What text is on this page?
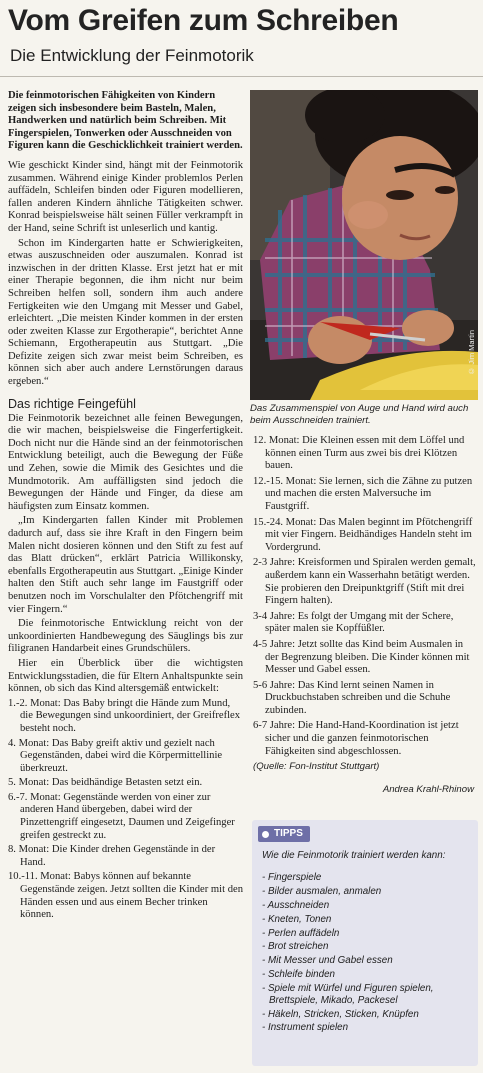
Vom Greifen zum Schreiben
Die Entwicklung der Feinmotorik

Die feinmotorischen Fähigkeiten von Kindern zeigen sich insbesondere beim Basteln, Malen, Handwerken und natürlich beim Schreiben. Mit Fingerspielen, Tonwerken oder Ausschneiden von Figuren kann die Geschicklichkeit trainiert werden.

Wie geschickt Kinder sind, hängt mit der Feinmotorik zusammen. Während einige Kinder problemlos Perlen auffädeln, Schleifen binden oder Figuren modellieren, fallen anderen Kindern ähnliche Tätigkeiten schwer. Konrad beispielsweise hält seinen Füller verkrampft in der Hand, seine Schrift ist unleserlich und kantig.

Schon im Kindergarten hatte er Schwierigkeiten, etwas auszuschneiden oder auszumalen. Konrad ist inzwischen in der dritten Klasse. Erst jetzt hat er mit einer Therapie begonnen, die ihm nicht nur beim Schreiben helfen soll, sondern ihm auch andere Fertigkeiten wie den Umgang mit Messer und Gabel, erleichtert. „Die meisten Kinder kommen in der ersten oder zweiten Klasse zur Ergotherapie“, berichtet Anne Schiemann, Ergotherapeutin aus Stuttgart. „Die Defizite zeigen sich zwar meist beim Schreiben, es können sich aber auch andere Lernstörungen daraus ergeben.“

Das richtige Feingefühl

Die Feinmotorik bezeichnet alle feinen Bewegungen, die wir machen, beispielsweise die Fingerfertigkeit. Doch nicht nur die Hände sind an der feinmotorischen Entwicklung beteiligt, auch die Bewegung der Füße und Zehen, sowie die Mimik des Gesichtes und die Mundmotorik. Am auffälligsten sind jedoch die Bewegungen der Hände und Finger, da diese am häufigsten zum Einsatz kommen.

„Im Kindergarten fallen Kinder mit Problemen dadurch auf, dass sie ihre Kraft in den Fingern beim Malen nicht dosieren können und den Stift zu fest auf das Blatt drücken“, erklärt Patricia Willikonsky, ebenfalls Ergotherapeutin aus Stuttgart. „Einige Kinder halten den Stift auch sehr lange im Faustgriff oder benutzen noch im Vorschulalter den Pfötchengriff mit vier Fingern.“

Die feinmotorische Entwicklung reicht von der unkoordinierten Handbewegung des Säuglings bis zur filigranen Handarbeit eines Grundschülers.

Hier ein Überblick über die wichtigsten Entwicklungsstadien, die für Eltern Anhaltspunkte sein können, ob sich das Kind altersgemäß entwickelt:

1.-2. Monat: Das Baby bringt die Hände zum Mund, die Bewegungen sind unkoordiniert, der Greifreflex besteht noch.
4. Monat: Das Baby greift aktiv und gezielt nach Gegenständen, dabei wird die Körpermittellinie überkreuzt.
5. Monat: Das beidhändige Betasten setzt ein.
6.-7. Monat: Gegenstände werden von einer zur anderen Hand übergeben, dabei wird der Pinzettengriff eingesetzt, Daumen und Zeigefinger greifen gestreckt zu.
8. Monat: Die Kinder drehen Gegenstände in der Hand.
10.-11. Monat: Babys können auf bekannte Gegenstände zeigen. Jetzt sollten die Kinder mit den Händen essen und aus einem Becher trinken können.
© Jim Martin
Das Zusammenspiel von Auge und Hand wird auch beim Ausschneiden trainiert.
12. Monat: Die Kleinen essen mit dem Löffel und können einen Turm aus zwei bis drei Klötzen bauen.
12.-15. Monat: Sie lernen, sich die Zähne zu putzen und machen die ersten Malversuche im Faustgriff.
15.-24. Monat: Das Malen beginnt im Pfötchengriff mit vier Fingern. Beidhändiges Handeln steht im Vordergrund.
2-3 Jahre: Kreisformen und Spiralen werden gemalt, außerdem kann ein Wasserhahn betätigt werden. Sie probieren den Dreipunktgriff (Stift mit drei Fingern halten).
3-4 Jahre: Es folgt der Umgang mit der Schere, später malen sie Kopffüßler.
4-5 Jahre: Jetzt sollte das Kind beim Ausmalen in der Begrenzung bleiben. Die Kinder können mit Messer und Gabel essen.
5-6 Jahre: Das Kind lernt seinen Namen in Druckbuchstaben schreiben und die Schuhe zubinden.
6-7 Jahre: Die Hand-Hand-Koordination ist jetzt sicher und die ganzen feinmotorischen Fähigkeiten sind abgeschlossen.
(Quelle: Fon-Institut Stuttgart)
Andrea Krahl-Rhinow
TIPPS
Wie die Feinmotorik trainiert werden kann:
- Fingerspiele
- Bilder ausmalen, anmalen
- Ausschneiden
- Kneten, Tonen
- Perlen auffädeln
- Brot streichen
- Mit Messer und Gabel essen
- Schleife binden
- Spiele mit Würfel und Figuren spielen, Brettspiele, Mikado, Packesel
- Häkeln, Stricken, Sticken, Knüpfen
- Instrument spielen
